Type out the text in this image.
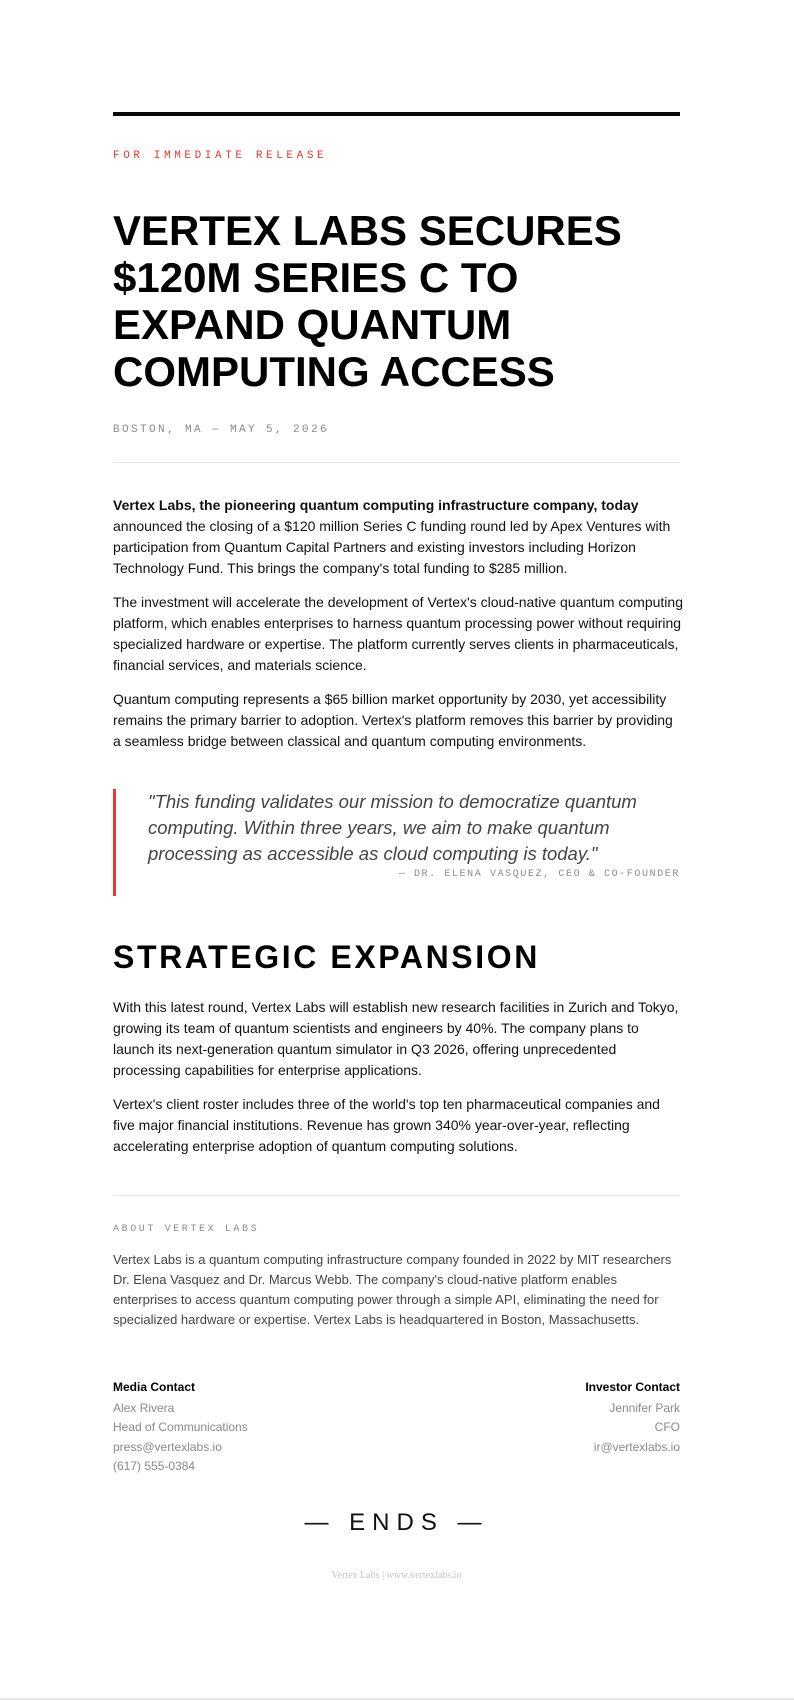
FOR IMMEDIATE RELEASE
VERTEX LABS SECURES $120M SERIES C TO EXPAND QUANTUM COMPUTING ACCESS
BOSTON, MA — MAY 5, 2026

Vertex Labs, the pioneering quantum computing infrastructure company, today announced the closing of a $120 million Series C funding round led by Apex Ventures with participation from Quantum Capital Partners and existing investors including Horizon Technology Fund. This brings the company's total funding to $285 million.

The investment will accelerate the development of Vertex's cloud-native quantum computing platform, which enables enterprises to harness quantum processing power without requiring specialized hardware or expertise. The platform currently serves clients in pharmaceuticals, financial services, and materials science.

Quantum computing represents a $65 billion market opportunity by 2030, yet accessibility remains the primary barrier to adoption. Vertex's platform removes this barrier by providing a seamless bridge between classical and quantum computing environments.

"This funding validates our mission to democratize quantum computing. Within three years, we aim to make quantum processing as accessible as cloud computing is today."

— DR. ELENA VASQUEZ, CEO & CO-FOUNDER
STRATEGIC EXPANSION

With this latest round, Vertex Labs will establish new research facilities in Zurich and Tokyo, growing its team of quantum scientists and engineers by 40%. The company plans to launch its next-generation quantum simulator in Q3 2026, offering unprecedented processing capabilities for enterprise applications.

Vertex's client roster includes three of the world's top ten pharmaceutical companies and five major financial institutions. Revenue has grown 340% year-over-year, reflecting accelerating enterprise adoption of quantum computing solutions.

ABOUT VERTEX LABS

Vertex Labs is a quantum computing infrastructure company founded in 2022 by MIT researchers Dr. Elena Vasquez and Dr. Marcus Webb. The company's cloud-native platform enables enterprises to access quantum computing power through a simple API, eliminating the need for specialized hardware or expertise. Vertex Labs is headquartered in Boston, Massachusetts.

Media Contact
Alex Rivera
Head of Communications
press@vertexlabs.io
(617) 555-0384
Investor Contact
Jennifer Park
CFO
ir@vertexlabs.io
— ENDS —
Vertex Labs | www.vertexlabs.io
